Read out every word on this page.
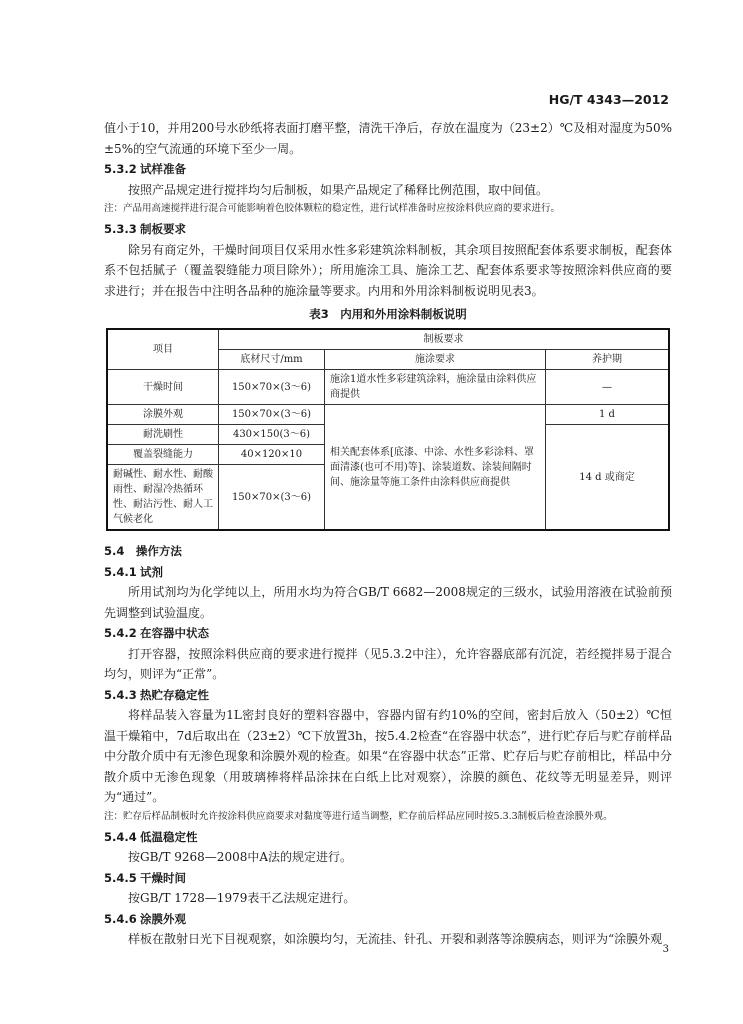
HG/T 4343—2012

值小于10，并用200号水砂纸将表面打磨平整，清洗干净后，存放在温度为（23±2）℃及相对湿度为50%±5%的空气流通的环境下至少一周。

5.3.2 试样准备

按照产品规定进行搅拌均匀后制板，如果产品规定了稀释比例范围，取中间值。

注：产品用高速搅拌进行混合可能影响着色胶体颗粒的稳定性，进行试样准备时应按涂料供应商的要求进行。

5.3.3 制板要求

除另有商定外，干燥时间项目仅采用水性多彩建筑涂料制板，其余项目按照配套体系要求制板，配套体系不包括腻子（覆盖裂缝能力项目除外）；所用施涂工具、施涂工艺、配套体系要求等按照涂料供应商的要求进行；并在报告中注明各品种的施涂量等要求。内用和外用涂料制板说明见表3。

表3　内用和外用涂料制板说明
项目	制板要求		
	底材尺寸/mm	施涂要求	养护期
干燥时间	150×70×(3～6)	施涂1道水性多彩建筑涂料，施涂量由涂料供应商提供	—
涂膜外观	150×70×(3～6)	相关配套体系[底漆、中涂、水性多彩涂料、罩面清漆(也可不用)等]、涂装道数、涂装间隔时间、施涂量等施工条件由涂料供应商提供	1 d
耐洗刷性	430×150(3～6)		14 d 或商定
覆盖裂缝能力	40×120×10		
耐碱性、耐水性、耐酸雨性、耐湿冷热循环性、耐沾污性、耐人工气候老化	150×70×(3～6)		
5.4　操作方法
5.4.1 试剂

所用试剂均为化学纯以上，所用水均为符合GB/T 6682—2008规定的三级水，试验用溶液在试验前预先调整到试验温度。

5.4.2 在容器中状态

打开容器，按照涂料供应商的要求进行搅拌（见5.3.2中注），允许容器底部有沉淀，若经搅拌易于混合均匀，则评为“正常”。

5.4.3 热贮存稳定性

将样品装入容量为1L密封良好的塑料容器中，容器内留有约10%的空间，密封后放入（50±2）℃恒温干燥箱中，7d后取出在（23±2）℃下放置3h，按5.4.2检查“在容器中状态”，进行贮存后与贮存前样品中分散介质中有无渗色现象和涂膜外观的检查。如果“在容器中状态”正常、贮存后与贮存前相比，样品中分散介质中无渗色现象（用玻璃棒将样品涂抹在白纸上比对观察），涂膜的颜色、花纹等无明显差异，则评为“通过”。

注：贮存后样品制板时允许按涂料供应商要求对黏度等进行适当调整，贮存前后样品应同时按5.3.3制板后检查涂膜外观。

5.4.4 低温稳定性

按GB/T 9268—2008中A法的规定进行。

5.4.5 干燥时间

按GB/T 1728—1979表干乙法规定进行。

5.4.6 涂膜外观

样板在散射日光下目视观察，如涂膜均匀，无流挂、针孔、开裂和剥落等涂膜病态，则评为“涂膜外观

3
